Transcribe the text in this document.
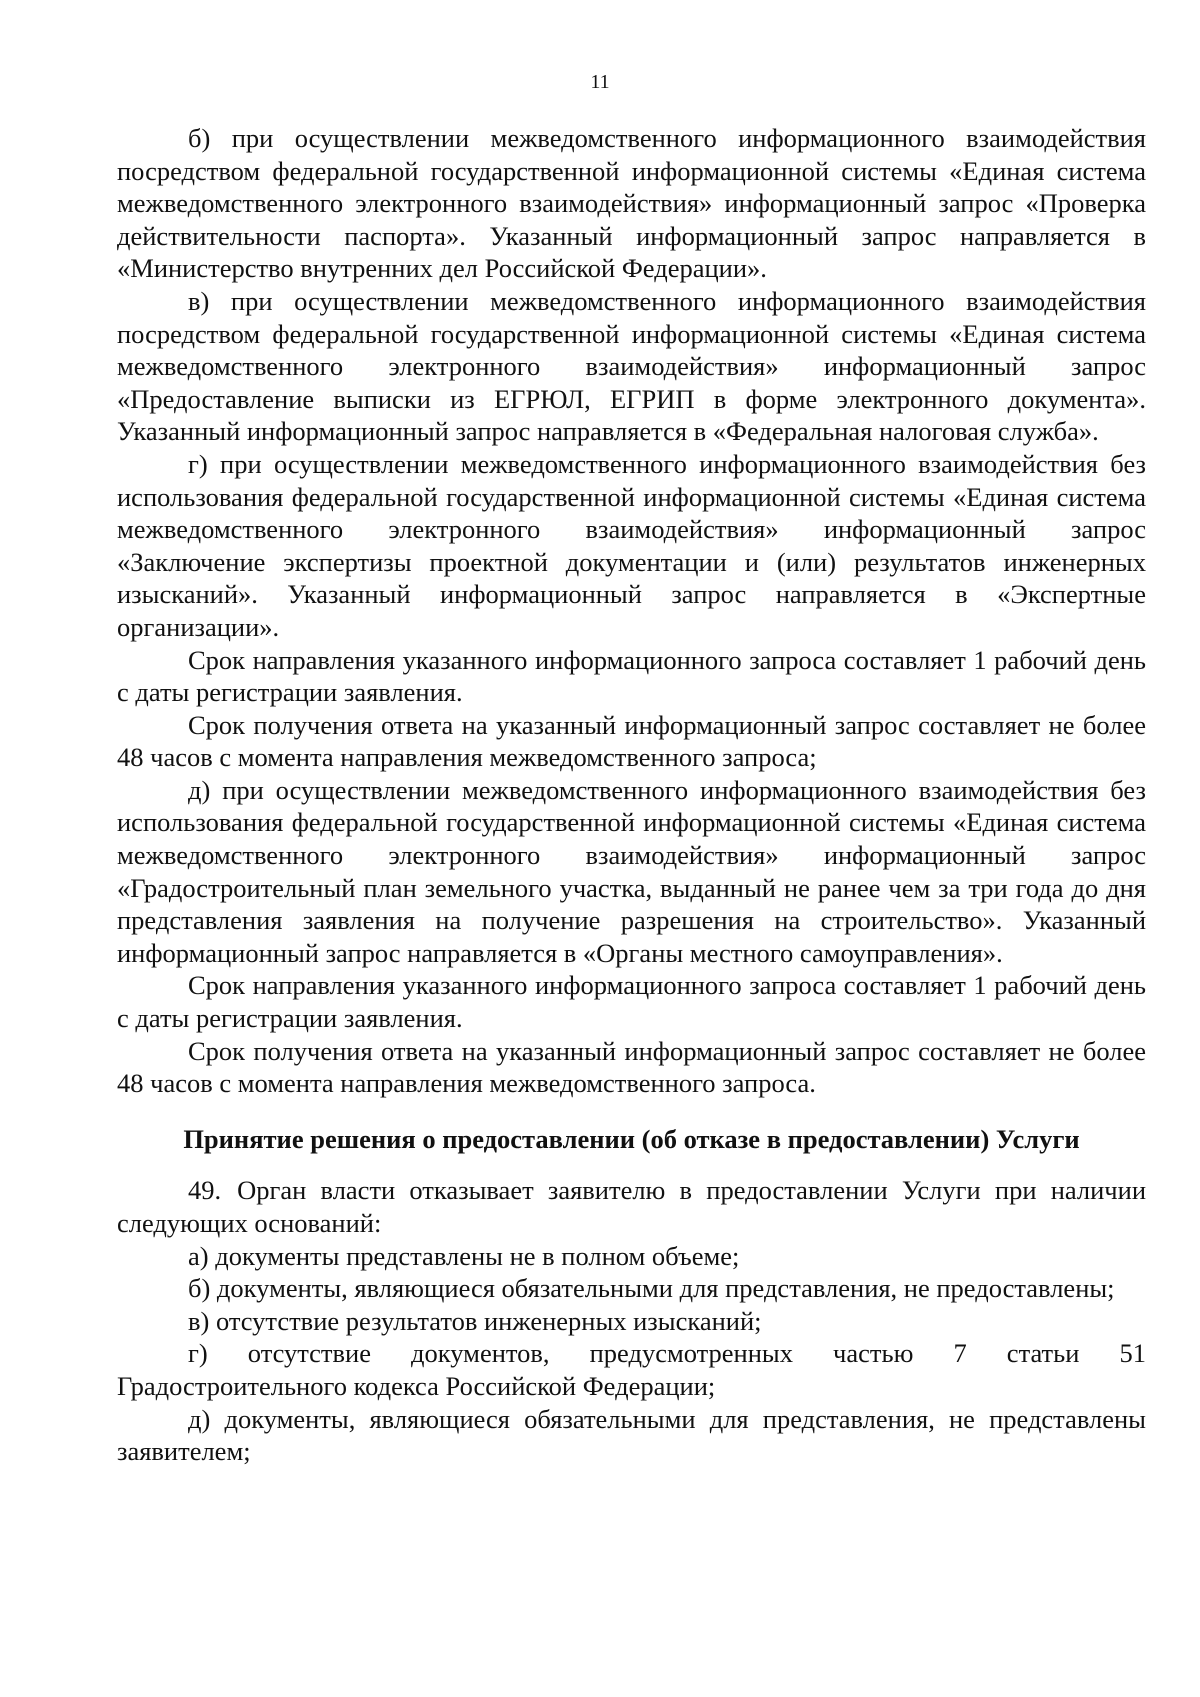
11

б) при осуществлении межведомственного информационного взаимодействия посредством федеральной государственной информационной системы «Единая система межведомственного электронного взаимодействия» информационный запрос «Проверка действительности паспорта». Указанный информационный запрос направляется в «Министерство внутренних дел Российской Федерации».

в) при осуществлении межведомственного информационного взаимодействия посредством федеральной государственной информационной системы «Единая система межведомственного электронного взаимодействия» информационный запрос «Предоставление выписки из ЕГРЮЛ, ЕГРИП в форме электронного документа». Указанный информационный запрос направляется в «Федеральная налоговая служба».

г) при осуществлении межведомственного информационного взаимодействия без использования федеральной государственной информационной системы «Единая система межведомственного электронного взаимодействия» информационный запрос «Заключение экспертизы проектной документации и (или) результатов инженерных изысканий». Указанный информационный запрос направляется в «Экспертные организации».

Срок направления указанного информационного запроса составляет 1 рабочий день с даты регистрации заявления.

Срок получения ответа на указанный информационный запрос составляет не более 48 часов с момента направления межведомственного запроса;

д) при осуществлении межведомственного информационного взаимодействия без использования федеральной государственной информационной системы «Единая система межведомственного электронного взаимодействия» информационный запрос «Градостроительный план земельного участка, выданный не ранее чем за три года до дня представления заявления на получение разрешения на строительство». Указанный информационный запрос направляется в «Органы местного самоуправления».

Срок направления указанного информационного запроса составляет 1 рабочий день с даты регистрации заявления.

Срок получения ответа на указанный информационный запрос составляет не более 48 часов с момента направления межведомственного запроса.

Принятие решения о предоставлении (об отказе в предоставлении) Услуги

49. Орган власти отказывает заявителю в предоставлении Услуги при наличии следующих оснований:

а) документы представлены не в полном объеме;

б) документы, являющиеся обязательными для представления, не предоставлены;

в) отсутствие результатов инженерных изысканий;

г) отсутствие документов, предусмотренных частью 7 статьи 51 Градостроительного кодекса Российской Федерации;

д) документы, являющиеся обязательными для представления, не представлены заявителем;
